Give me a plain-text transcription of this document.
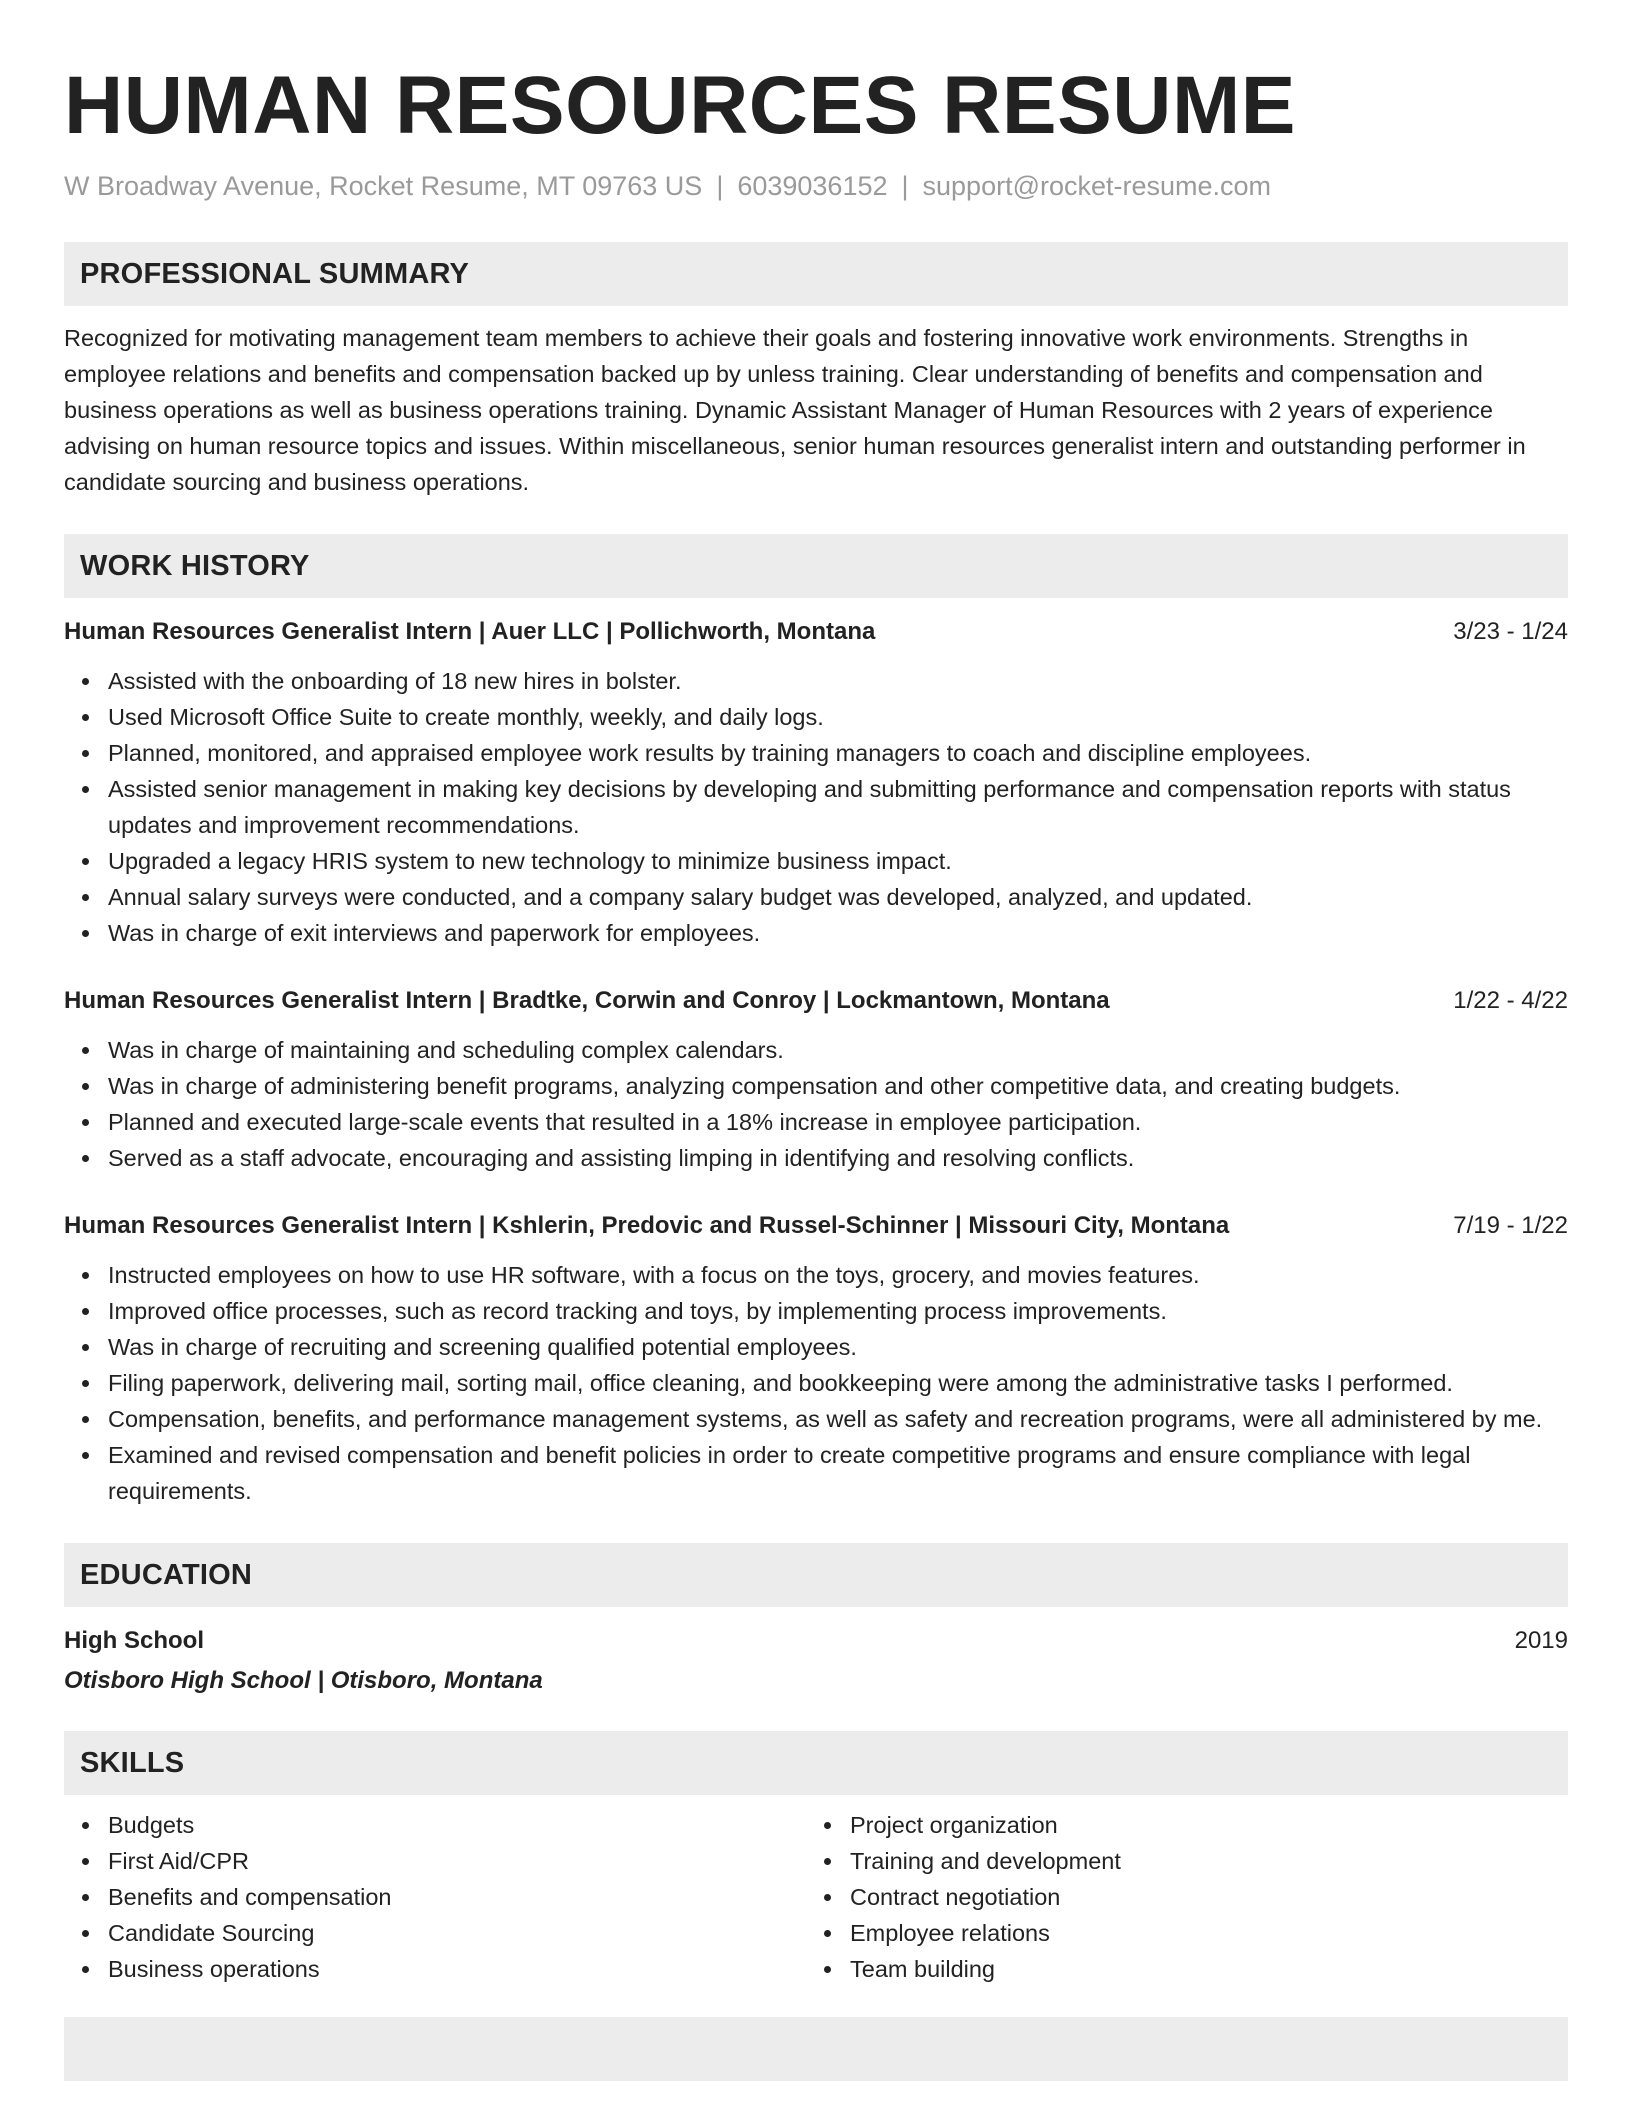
HUMAN RESOURCES RESUME
W Broadway Avenue, Rocket Resume, MT 09763 US | 6039036152 | support@rocket-resume.com
PROFESSIONAL SUMMARY

Recognized for motivating management team members to achieve their goals and fostering innovative work environments. Strengths in employee relations and benefits and compensation backed up by unless training. Clear understanding of benefits and compensation and business operations as well as business operations training. Dynamic Assistant Manager of Human Resources with 2 years of experience advising on human resource topics and issues. Within miscellaneous, senior human resources generalist intern and outstanding performer in candidate sourcing and business operations.

WORK HISTORY
Human Resources Generalist Intern | Auer LLC | Pollichworth, Montana	3/23 - 1/24
Assisted with the onboarding of 18 new hires in bolster.
Used Microsoft Office Suite to create monthly, weekly, and daily logs.
Planned, monitored, and appraised employee work results by training managers to coach and discipline employees.
Assisted senior management in making key decisions by developing and submitting performance and compensation reports with status updates and improvement recommendations.
Upgraded a legacy HRIS system to new technology to minimize business impact.
Annual salary surveys were conducted, and a company salary budget was developed, analyzed, and updated.
Was in charge of exit interviews and paperwork for employees.
Human Resources Generalist Intern | Bradtke, Corwin and Conroy | Lockmantown, Montana	1/22 - 4/22
Was in charge of maintaining and scheduling complex calendars.
Was in charge of administering benefit programs, analyzing compensation and other competitive data, and creating budgets.
Planned and executed large-scale events that resulted in a 18% increase in employee participation.
Served as a staff advocate, encouraging and assisting limping in identifying and resolving conflicts.
Human Resources Generalist Intern | Kshlerin, Predovic and Russel-Schinner | Missouri City, Montana	7/19 - 1/22
Instructed employees on how to use HR software, with a focus on the toys, grocery, and movies features.
Improved office processes, such as record tracking and toys, by implementing process improvements.
Was in charge of recruiting and screening qualified potential employees.
Filing paperwork, delivering mail, sorting mail, office cleaning, and bookkeeping were among the administrative tasks I performed.
Compensation, benefits, and performance management systems, as well as safety and recreation programs, were all administered by me.
Examined and revised compensation and benefit policies in order to create competitive programs and ensure compliance with legal requirements.
EDUCATION
High School	2019
Otisboro High School | Otisboro, Montana
SKILLS
Budgets
First Aid/CPR
Benefits and compensation
Candidate Sourcing
Business operations
Project organization
Training and development
Contract negotiation
Employee relations
Team building
